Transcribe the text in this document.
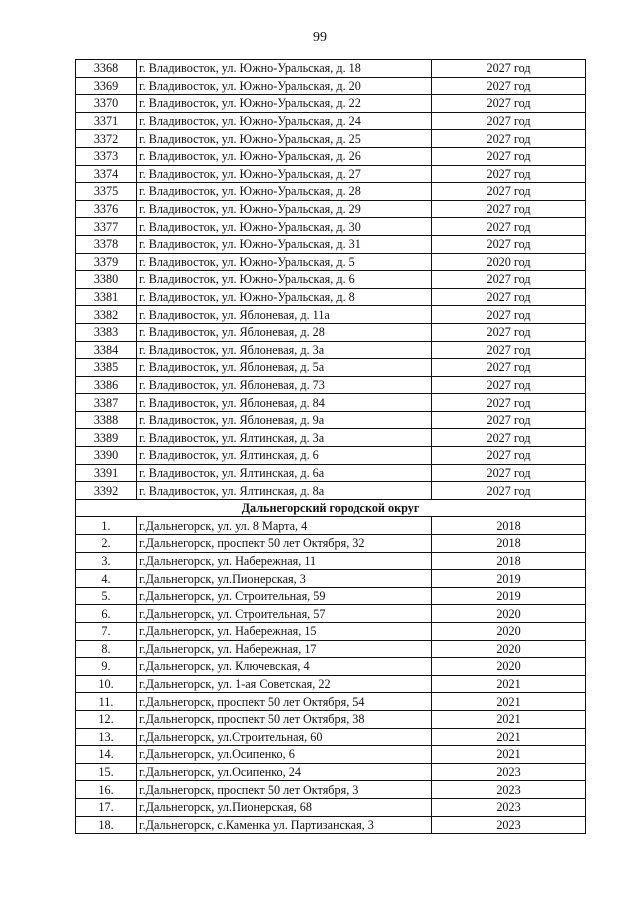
99
3368	г. Владивосток, ул. Южно-Уральская, д. 18	2027 год
3369	г. Владивосток, ул. Южно-Уральская, д. 20	2027 год
3370	г. Владивосток, ул. Южно-Уральская, д. 22	2027 год
3371	г. Владивосток, ул. Южно-Уральская, д. 24	2027 год
3372	г. Владивосток, ул. Южно-Уральская, д. 25	2027 год
3373	г. Владивосток, ул. Южно-Уральская, д. 26	2027 год
3374	г. Владивосток, ул. Южно-Уральская, д. 27	2027 год
3375	г. Владивосток, ул. Южно-Уральская, д. 28	2027 год
3376	г. Владивосток, ул. Южно-Уральская, д. 29	2027 год
3377	г. Владивосток, ул. Южно-Уральская, д. 30	2027 год
3378	г. Владивосток, ул. Южно-Уральская, д. 31	2027 год
3379	г. Владивосток, ул. Южно-Уральская, д. 5	2020 год
3380	г. Владивосток, ул. Южно-Уральская, д. 6	2027 год
3381	г. Владивосток, ул. Южно-Уральская, д. 8	2027 год
3382	г. Владивосток, ул. Яблоневая, д. 11а	2027 год
3383	г. Владивосток, ул. Яблоневая, д. 28	2027 год
3384	г. Владивосток, ул. Яблоневая, д. 3а	2027 год
3385	г. Владивосток, ул. Яблоневая, д. 5а	2027 год
3386	г. Владивосток, ул. Яблоневая, д. 73	2027 год
3387	г. Владивосток, ул. Яблоневая, д. 84	2027 год
3388	г. Владивосток, ул. Яблоневая, д. 9а	2027 год
3389	г. Владивосток, ул. Ялтинская, д. 3а	2027 год
3390	г. Владивосток, ул. Ялтинская, д. 6	2027 год
3391	г. Владивосток, ул. Ялтинская, д. 6а	2027 год
3392	г. Владивосток, ул. Ялтинская, д. 8а	2027 год
Дальнегорский городской округ		
1.	г.Дальнегорск, ул. ул. 8 Марта, 4	2018
2.	г.Дальнегорск, проспект 50 лет Октября, 32	2018
3.	г.Дальнегорск, ул. Набережная, 11	2018
4.	г.Дальнегорск, ул.Пионерская, 3	2019
5.	г.Дальнегорск, ул. Строительная, 59	2019
6.	г.Дальнегорск, ул. Строительная, 57	2020
7.	г.Дальнегорск, ул. Набережная, 15	2020
8.	г.Дальнегорск, ул. Набережная, 17	2020
9.	г.Дальнегорск, ул. Ключевская, 4	2020
10.	г.Дальнегорск, ул. 1-ая Советская, 22	2021
11.	г.Дальнегорск, проспект 50 лет Октября, 54	2021
12.	г.Дальнегорск, проспект 50 лет Октября, 38	2021
13.	г.Дальнегорск, ул.Строительная, 60	2021
14.	г.Дальнегорск, ул.Осипенко, 6	2021
15.	г.Дальнегорск, ул.Осипенко, 24	2023
16.	г.Дальнегорск, проспект 50 лет Октября, 3	2023
17.	г.Дальнегорск, ул.Пионерская, 68	2023
18.	г.Дальнегорск, с.Каменка ул. Партизанская, 3	2023
